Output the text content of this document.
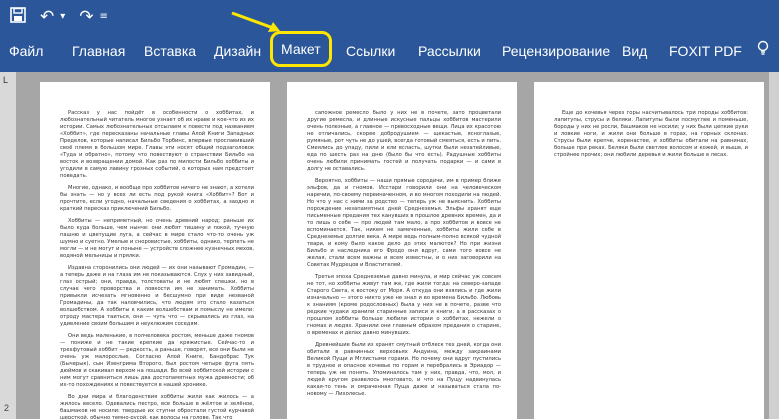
↶ ▾ ↷ ≡
Файл Главная Вставка Дизайн	Макет	Ссылки Рассылки Рецензирование Вид FOXIT PDF
L
2

Рассказ у нас пойдёт в особенности о хоббитах, и любознательный читатель многое узнает об их нраве и кое-что из их истории. Самых любознательных отсылаем к повести под названием «Хоббит», где пересказаны начальные главы Алой Книги Западных Пределов, которые написал Бильбо Торбинс, впервые прославивший своё племя в большом мире. Главы эти носят общий подзаголовок «Туда и обратно», потому что повествуют о странствии Бильбо на восток и возвращении домой. Как раз по милости Бильбо хоббиты и угодили в самую лавину грозных событий, о которых нам предстоит поведать.

Многие, однако, и вообще про хоббитов ничего не знают, а хотели бы знать — но у всех ли есть под рукой книга «Хоббит»? Вот и прочтите, если угодно, начальные сведения о хоббитах, а заодно и краткий пересказ приключений Бильбо.

Хоббиты — неприметный, но очень древний народ; раньше их было куда больше, чем нынче: они любят тишину и покой, тучную пашню и цветущие луга, а сейчас в мире стало что-то очень уж шумно и суетно. Умелые и сноровистые, хоббиты, однако, терпеть не могли — и не могут и поныне — устройств сложнее кузнечных мехов, водяной мельницы и прялки.

Издавна сторонились они людей — их они называют Громадин, — а теперь даже и на глаза им не показываются. Слух у них завидный, глаз острый; они, правда, толстоваты и не любят спешки, но в случае чего проворства и ловкости им не занимать. Хоббиты привыкли исчезать мгновенно и бесшумно при виде незваной Громадины, да так наловчились, что людям это стало казаться волшебством. А хоббиты к каким волшебствам и помыслу не имели: отроду мастера таиться, они — чуть что — скрывались из глаз, на удивление своим большим и неуклюжим соседям.

Они ведь маленькие, в полчеловека ростом, меньше даже гномов — пониже и не такие крепкие да кряжистые. Сейчас-то и трехфутовый хоббит — редкость, а раньше, говорят, все они были не очень уж малорослые. Согласно Алой Книге, Бандобрас Тук (Бычерык), сын Изенгрима Второго, был ростом четыре фута пять дюймов и скакивал верхом на лошади. Во всей хоббитской истории с ним могут сравниться лишь два достопамятных мужа древности; об их-то похождениях и повествуется в нашей хронике.

Во дни мира и благоденствия хоббиты жили как жилось — а жилось весело. Одевались пестро, все больше в жёлтое и зелёное, башмаков не носили: твердые их ступни обростали густой курчавой шерсткой, обычно темно-русой, как волосы на голове. Так что

сапожное ремесло было у них не в почете, зато процветали другие ремесла, и длинные искусные пальцы хоббитов мастерили очень полезные, а главное — превосходные вещи. Лица их красотою не отличались, скорее добродушием — щекастые, ясноглазые, румяные, рот чуть не до ушей, всегда готовый смеяться, есть и пить. Смеялись до упаду, пили и ели всласть, шутки были незатейливые, еда по шесть раз на дню (было бы что есть). Радушные хоббиты очень любили принимать гостей и получать подарки — и сами в долгу не оставались.

Вероятно, хоббиты — наши прямые сородичи, им в пример ближе эльфов, да и гномов. Исстари говорили они на человеческом наречии, по-своему переиначенном, и во многом походили на людей. Но что у нас с ними за родство — теперь уж не выяснить. Хоббиты порождение незапамятных дней Среднеземья. Эльфы хранят еще письменные предания тех канувших в прошлое древних времен, да и то лишь о себе — про людей там мало, а про хоббитов и вовсе не вспоминается. Так, никем не замеченные, хоббиты жили себе в Среднеземье долгие века. А мире ведь полным-полно всякой чудной твари, и кому было какое дело до этих малюток? Но при жизни Бильбо и наследника его Фродо они вдруг, сами того вовсе не желая, стали всем важны и всем известны, и о них заговорили на Советах Мудрецов и Властителей.

Третья эпоха Среднеземья давно минула, и мир сейчас уж совсем не тот, но хоббиты живут там же, где жили тогда: на северо-западе Старого Света, к востоку от Моря. А откуда они взялись и где жили изначально — этого никто уже не знал и во времена Бильбо. Любовь к знаниям (кроме родословных) была у них не в почете, разве что редкие чудаки хранили старинные записи и книги, а в рассказах о прошлом хоббиты больше любили истории о хоббитах, нежели о гномах и людях. Хранили они главным образом предания о старине, о временах и делах давно минувших.

Древнейшие были из хранят смутный отблеск тех дней, когда они обитали в равнинных верховьях Андуина, между закраинами Великой Пущи и Мглистыми горами. Но почему они вдруг пустились в трудное и опасное кочевье по горам и перебрались в Эриадор — теперь уж не понять. Упоминалось там у них, правда, что, мол, и людей кругом развелось многовато, и что на Пущу надвинулась какая-то тень и омраченная Пуща даже и называться стала по-новому — Лихолесье.

Еще до кочевья через горы насчитывалось три породы хоббитов: лапитупы, струсы и беляки. Лапитупы были посмуглее и поменьше, бороды у них не росли, башмаков не носили; у них были цепкие руки и ловкие ноги, и жили они больше в горах, на горных склонах. Струсы были крепче, коренастее, и хоббиты обитали на равнинах, больше при реках. Беляки были светлее волосом и кожей, и выше, и стройнее прочих; они любили деревья и жили больше в лесах.
